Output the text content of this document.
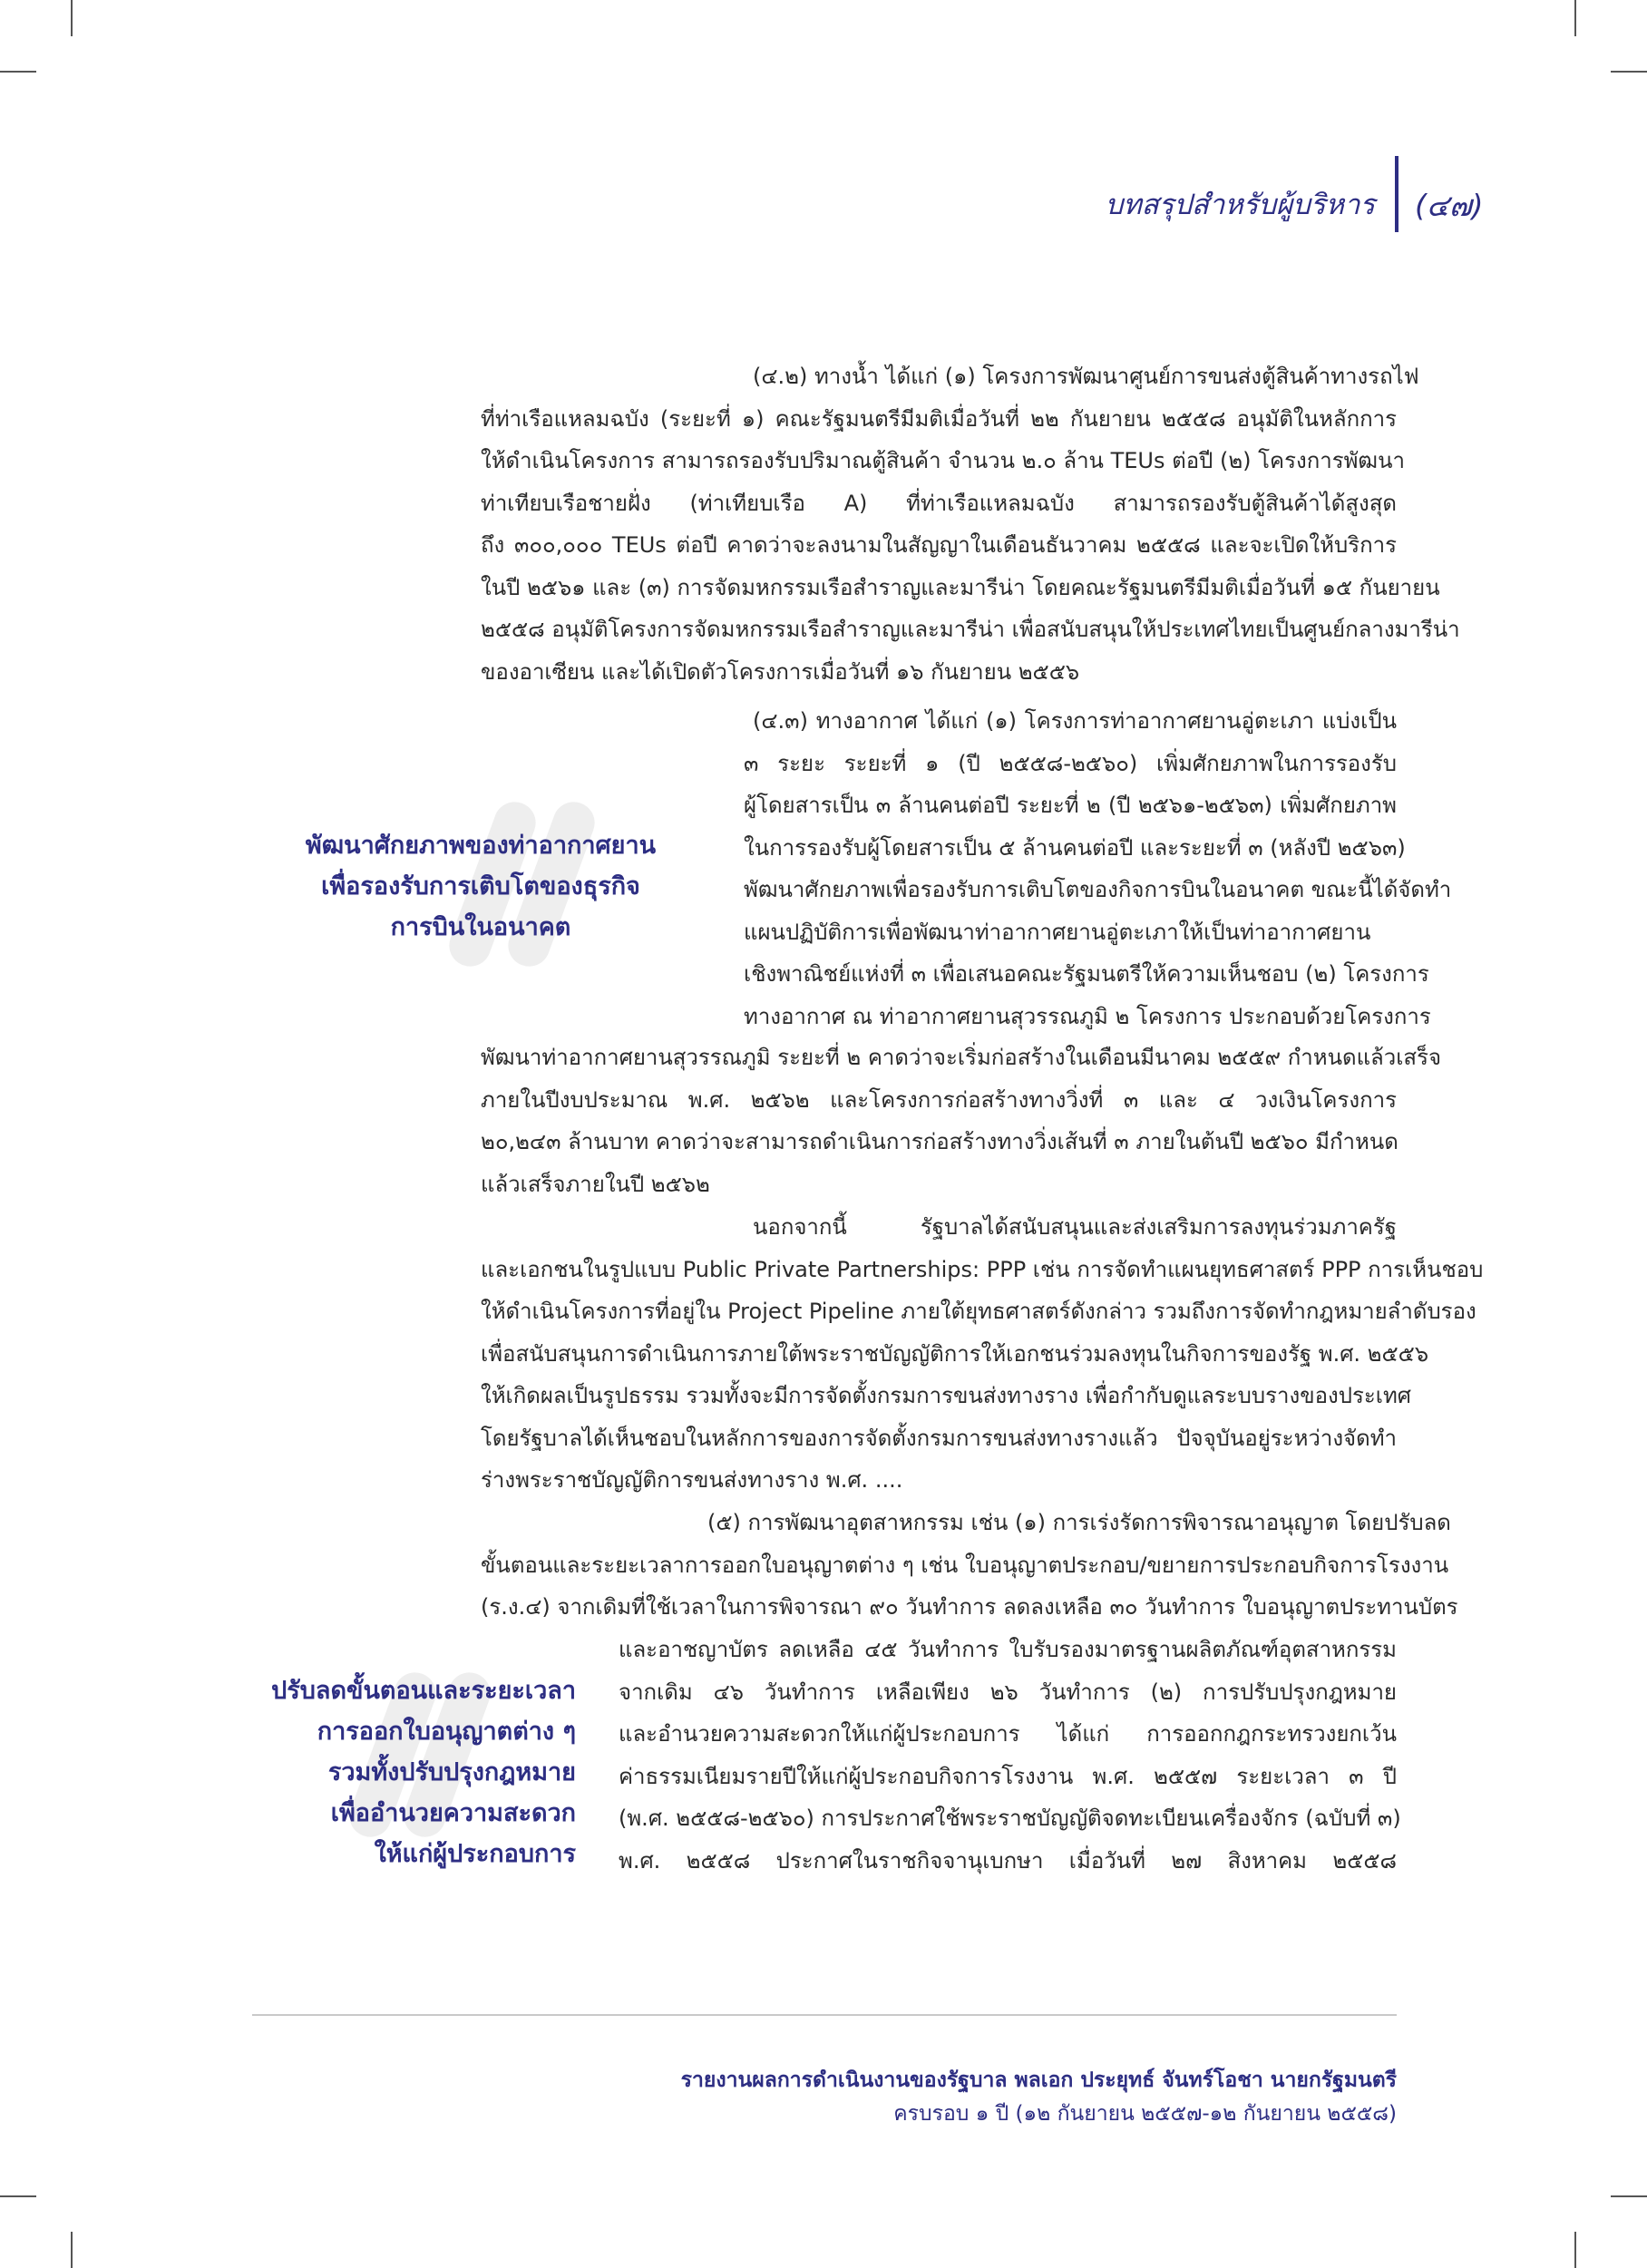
บทสรุปสำหรับผู้บริหาร (๔๗)
(๔.๒) ทางน้ำ ได้แก่ (๑) โครงการพัฒนาศูนย์การขนส่งตู้สินค้าทางรถไฟ
ที่ท่าเรือแหลมฉบัง (ระยะที่ ๑) คณะรัฐมนตรีมีมติเมื่อวันที่ ๒๒ กันยายน ๒๕๕๘ อนุมัติในหลักการ
ให้ดำเนินโครงการ สามารถรองรับปริมาณตู้สินค้า จำนวน ๒.๐ ล้าน TEUs ต่อปี (๒) โครงการพัฒนา
ท่าเทียบเรือชายฝั่ง (ท่าเทียบเรือ A) ที่ท่าเรือแหลมฉบัง สามารถรองรับตู้สินค้าได้สูงสุด
ถึง ๓๐๐,๐๐๐ TEUs ต่อปี คาดว่าจะลงนามในสัญญาในเดือนธันวาคม ๒๕๕๘ และจะเปิดให้บริการ
ในปี ๒๕๖๑ และ (๓) การจัดมหกรรมเรือสำราญและมารีน่า โดยคณะรัฐมนตรีมีมติเมื่อวันที่ ๑๕ กันยายน
๒๕๕๘ อนุมัติโครงการจัดมหกรรมเรือสำราญและมารีน่า เพื่อสนับสนุนให้ประเทศไทยเป็นศูนย์กลางมารีน่า
ของอาเซียน และได้เปิดตัวโครงการเมื่อวันที่ ๑๖ กันยายน ๒๕๕๖
(๔.๓) ทางอากาศ ได้แก่ (๑) โครงการท่าอากาศยานอู่ตะเภา แบ่งเป็น
๓ ระยะ ระยะที่ ๑ (ปี ๒๕๕๘-๒๕๖๐) เพิ่มศักยภาพในการรองรับ
ผู้โดยสารเป็น ๓ ล้านคนต่อปี ระยะที่ ๒ (ปี ๒๕๖๑-๒๕๖๓) เพิ่มศักยภาพ
ในการรองรับผู้โดยสารเป็น ๕ ล้านคนต่อปี และระยะที่ ๓ (หลังปี ๒๕๖๓)
พัฒนาศักยภาพเพื่อรองรับการเติบโตของกิจการบินในอนาคต ขณะนี้ได้จัดทำ
แผนปฏิบัติการเพื่อพัฒนาท่าอากาศยานอู่ตะเภาให้เป็นท่าอากาศยาน
เชิงพาณิชย์แห่งที่ ๓ เพื่อเสนอคณะรัฐมนตรีให้ความเห็นชอบ (๒) โครงการ
ทางอากาศ ณ ท่าอากาศยานสุวรรณภูมิ ๒ โครงการ ประกอบด้วยโครงการ
พัฒนาศักยภาพของท่าอากาศยาน
เพื่อรองรับการเติบโตของธุรกิจ
การบินในอนาคต
พัฒนาท่าอากาศยานสุวรรณภูมิ ระยะที่ ๒ คาดว่าจะเริ่มก่อสร้างในเดือนมีนาคม ๒๕๕๙ กำหนดแล้วเสร็จ
ภายในปีงบประมาณ พ.ศ. ๒๕๖๒ และโครงการก่อสร้างทางวิ่งที่ ๓ และ ๔ วงเงินโครงการ
๒๐,๒๔๓ ล้านบาท คาดว่าจะสามารถดำเนินการก่อสร้างทางวิ่งเส้นที่ ๓ ภายในต้นปี ๒๕๖๐ มีกำหนด
แล้วเสร็จภายในปี ๒๕๖๒
นอกจากนี้ รัฐบาลได้สนับสนุนและส่งเสริมการลงทุนร่วมภาครัฐ
และเอกชนในรูปแบบ Public Private Partnerships: PPP เช่น การจัดทำแผนยุทธศาสตร์ PPP การเห็นชอบ
ให้ดำเนินโครงการที่อยู่ใน Project Pipeline ภายใต้ยุทธศาสตร์ดังกล่าว รวมถึงการจัดทำกฎหมายลำดับรอง
เพื่อสนับสนุนการดำเนินการภายใต้พระราชบัญญัติการให้เอกชนร่วมลงทุนในกิจการของรัฐ พ.ศ. ๒๕๕๖
ให้เกิดผลเป็นรูปธรรม รวมทั้งจะมีการจัดตั้งกรมการขนส่งทางราง เพื่อกำกับดูแลระบบรางของประเทศ
โดยรัฐบาลได้เห็นชอบในหลักการของการจัดตั้งกรมการขนส่งทางรางแล้ว ปัจจุบันอยู่ระหว่างจัดทำ
ร่างพระราชบัญญัติการขนส่งทางราง พ.ศ. ....
(๕) การพัฒนาอุตสาหกรรม เช่น (๑) การเร่งรัดการพิจารณาอนุญาต โดยปรับลด
ขั้นตอนและระยะเวลาการออกใบอนุญาตต่าง ๆ เช่น ใบอนุญาตประกอบ/ขยายการประกอบกิจการโรงงาน
(ร.ง.๔) จากเดิมที่ใช้เวลาในการพิจารณา ๙๐ วันทำการ ลดลงเหลือ ๓๐ วันทำการ ใบอนุญาตประทานบัตร
และอาชญาบัตร ลดเหลือ ๔๕ วันทำการ ใบรับรองมาตรฐานผลิตภัณฑ์อุตสาหกรรม
จากเดิม ๔๖ วันทำการ เหลือเพียง ๒๖ วันทำการ (๒) การปรับปรุงกฎหมาย
และอำนวยความสะดวกให้แก่ผู้ประกอบการ ได้แก่ การออกกฎกระทรวงยกเว้น
ค่าธรรมเนียมรายปีให้แก่ผู้ประกอบกิจการโรงงาน พ.ศ. ๒๕๕๗ ระยะเวลา ๓ ปี
(พ.ศ. ๒๕๕๘-๒๕๖๐) การประกาศใช้พระราชบัญญัติจดทะเบียนเครื่องจักร (ฉบับที่ ๓)
พ.ศ. ๒๕๕๘ ประกาศในราชกิจจานุเบกษา เมื่อวันที่ ๒๗ สิงหาคม ๒๕๕๘
ปรับลดขั้นตอนและระยะเวลา
การออกใบอนุญาตต่าง ๆ
รวมทั้งปรับปรุงกฎหมาย
เพื่ออำนวยความสะดวก
ให้แก่ผู้ประกอบการ
รายงานผลการดำเนินงานของรัฐบาล พลเอก ประยุทธ์ จันทร์โอชา นายกรัฐมนตรี
ครบรอบ ๑ ปี (๑๒ กันยายน ๒๕๕๗-๑๒ กันยายน ๒๕๕๘)
